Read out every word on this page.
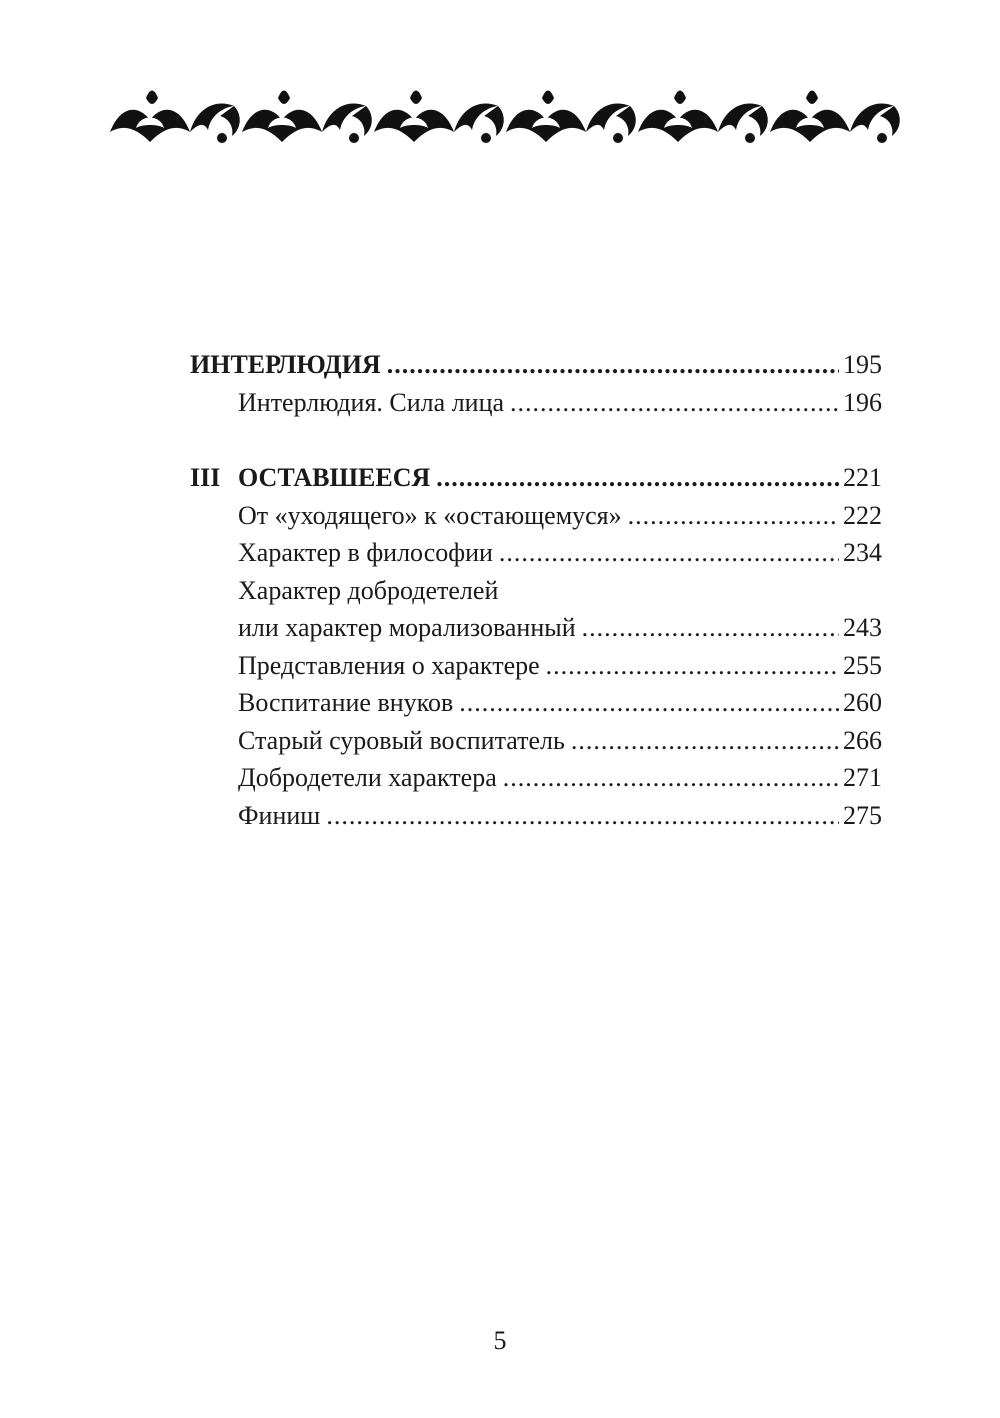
ИНТЕРЛЮДИЯ .....	195
Интерлюдия. Сила лица .....	196
III ОСТАВШЕЕСЯ .....	221
От «уходящего» к «остающемуся» .....	222
Характер в философии .....	234
Характер добродетелей
или характер морализованный .....	243
Представления о характере .....	255
Воспитание внуков .....	260
Старый суровый воспитатель .....	266
Добродетели характера .....	271
Финиш .....	275
5
